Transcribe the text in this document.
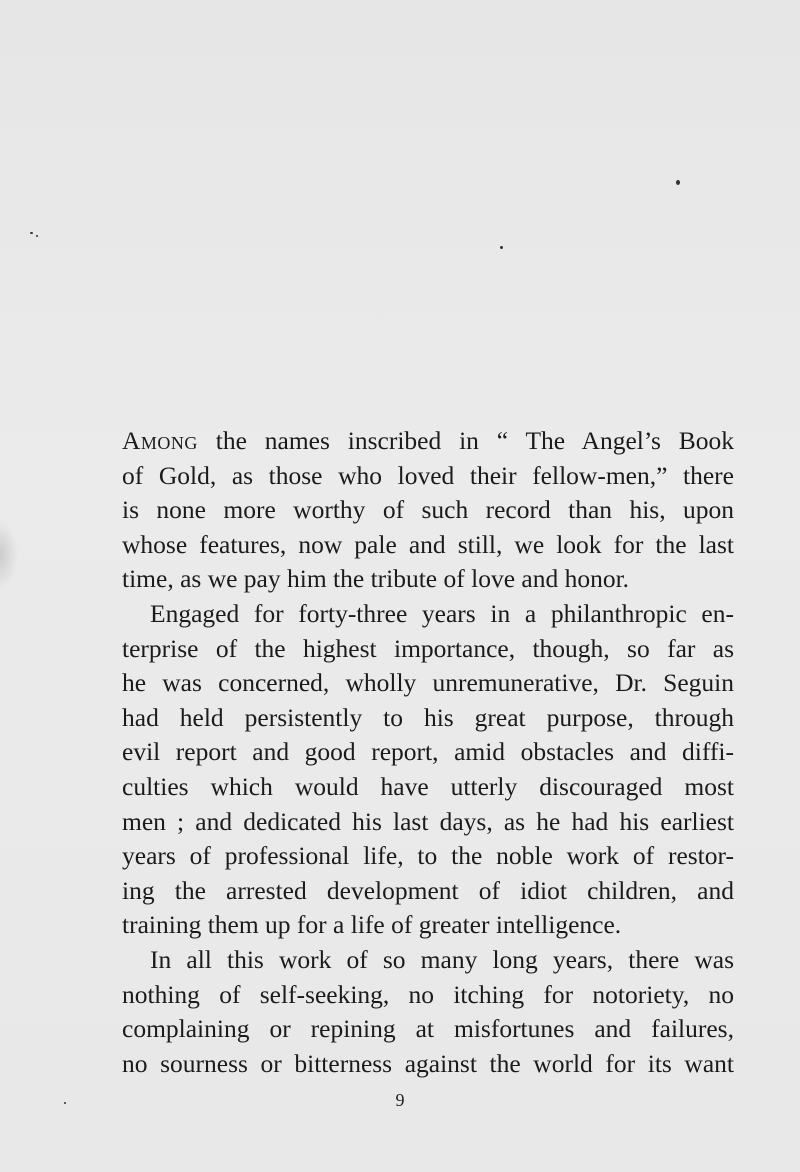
Among the names inscribed in “ The Angel’s Book
of Gold, as those who loved their fellow-men,” there
is none more worthy of such record than his, upon
whose features, now pale and still, we look for the last
time, as we pay him the tribute of love and honor.

Engaged for forty-three years in a philanthropic en-
terprise of the highest importance, though, so far as
he was concerned, wholly unremunerative, Dr. Seguin
had held persistently to his great purpose, through
evil report and good report, amid obstacles and diffi-
culties which would have utterly discouraged most
men ; and dedicated his last days, as he had his earliest
years of professional life, to the noble work of restor-
ing the arrested development of idiot children, and
training them up for a life of greater intelligence.

In all this work of so many long years, there was
nothing of self-seeking, no itching for notoriety, no
complaining or repining at misfortunes and failures,
no sourness or bitterness against the world for its want

9
